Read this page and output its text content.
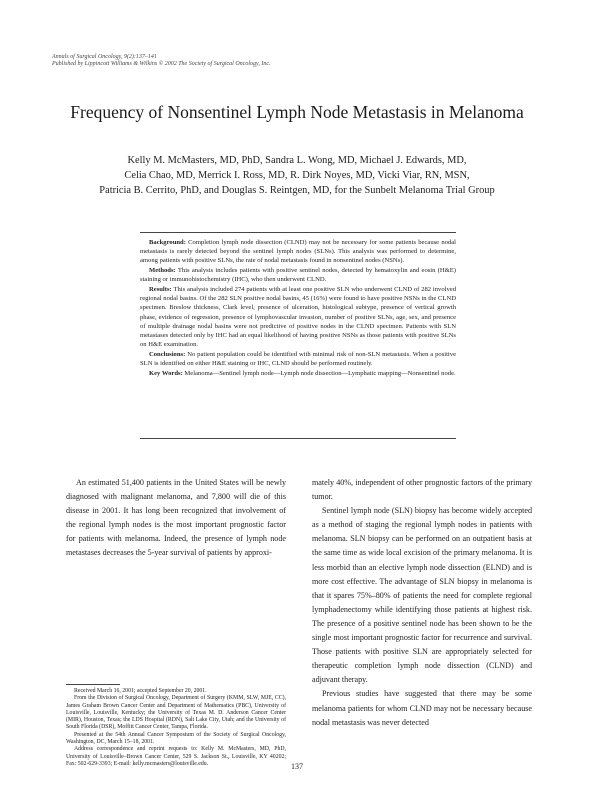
Annals of Surgical Oncology, 9(2):137–141
Published by Lippincott Williams & Wilkins © 2002 The Society of Surgical Oncology, Inc.
Frequency of Nonsentinel Lymph Node Metastasis in Melanoma
Kelly M. McMasters, MD, PhD, Sandra L. Wong, MD, Michael J. Edwards, MD,
Celia Chao, MD, Merrick I. Ross, MD, R. Dirk Noyes, MD, Vicki Viar, RN, MSN,
Patricia B. Cerrito, PhD, and Douglas S. Reintgen, MD, for the Sunbelt Melanoma Trial Group

Background: Completion lymph node dissection (CLND) may not be necessary for some patients because nodal metastasis is rarely detected beyond the sentinel lymph nodes (SLNs). This analysis was performed to determine, among patients with positive SLNs, the rate of nodal metastasis found in nonsentinel nodes (NSNs).

Methods: This analysis includes patients with positive sentinel nodes, detected by hematoxylin and eosin (H&E) staining or immunohistochemistry (IHC), who then underwent CLND.

Results: This analysis included 274 patients with at least one positive SLN who underwent CLND of 282 involved regional nodal basins. Of the 282 SLN positive nodal basins, 45 (16%) were found to have positive NSNs in the CLND specimen. Breslow thickness, Clark level, presence of ulceration, histological subtype, presence of vertical growth phase, evidence of regression, presence of lymphovascular invasion, number of positive SLNs, age, sex, and presence of multiple drainage nodal basins were not predictive of positive nodes in the CLND specimen. Patients with SLN metastases detected only by IHC had an equal likelihood of having positive NSNs as those patients with positive SLNs on H&E examination.

Conclusions: No patient population could be identified with minimal risk of non-SLN metastasis. When a positive SLN is identified on either H&E staining or IHC, CLND should be performed routinely.

Key Words: Melanoma—Sentinel lymph node—Lymph node dissection—Lymphatic mapping—Nonsentinel node.

An estimated 51,400 patients in the United States will be newly diagnosed with malignant melanoma, and 7,800 will die of this disease in 2001. It has long been recognized that involvement of the regional lymph nodes is the most important prognostic factor for patients with melanoma. Indeed, the presence of lymph node metastases decreases the 5-year survival of patients by approxi-

mately 40%, independent of other prognostic factors of the primary tumor.

Sentinel lymph node (SLN) biopsy has become widely accepted as a method of staging the regional lymph nodes in patients with melanoma. SLN biopsy can be performed on an outpatient basis at the same time as wide local excision of the primary melanoma. It is less morbid than an elective lymph node dissection (ELND) and is more cost effective. The advantage of SLN biopsy in melanoma is that it spares 75%–80% of patients the need for complete regional lymphadenectomy while identifying those patients at highest risk. The presence of a positive sentinel node has been shown to be the single most important prognostic factor for recurrence and survival. Those patients with positive SLN are appropriately selected for therapeutic completion lymph node dissection (CLND) and adjuvant therapy.

Previous studies have suggested that there may be some melanoma patients for whom CLND may not be necessary because nodal metastasis was never detected

Received March 16, 2001; accepted September 20, 2001.

From the Division of Surgical Oncology, Department of Surgery (KMM, SLW, MJE, CC), James Graham Brown Cancer Center and Department of Mathematics (PBC), University of Louisville, Louisville, Kentucky; the University of Texas M. D. Anderson Cancer Center (MIR), Houston, Texas; the LDS Hospital (RDN), Salt Lake City, Utah; and the University of South Florida (DSR), Moffitt Cancer Center, Tampa, Florida.

Presented at the 54th Annual Cancer Symposium of the Society of Surgical Oncology, Washington, DC, March 15–18, 2001.

Address correspondence and reprint requests to: Kelly M. McMasters, MD, PhD, University of Louisville–Brown Cancer Center, 529 S. Jackson St., Louisville, KY 40202; Fax: 502-629-3393; E-mail: kelly.mcmasters@louisville.edu.	137
